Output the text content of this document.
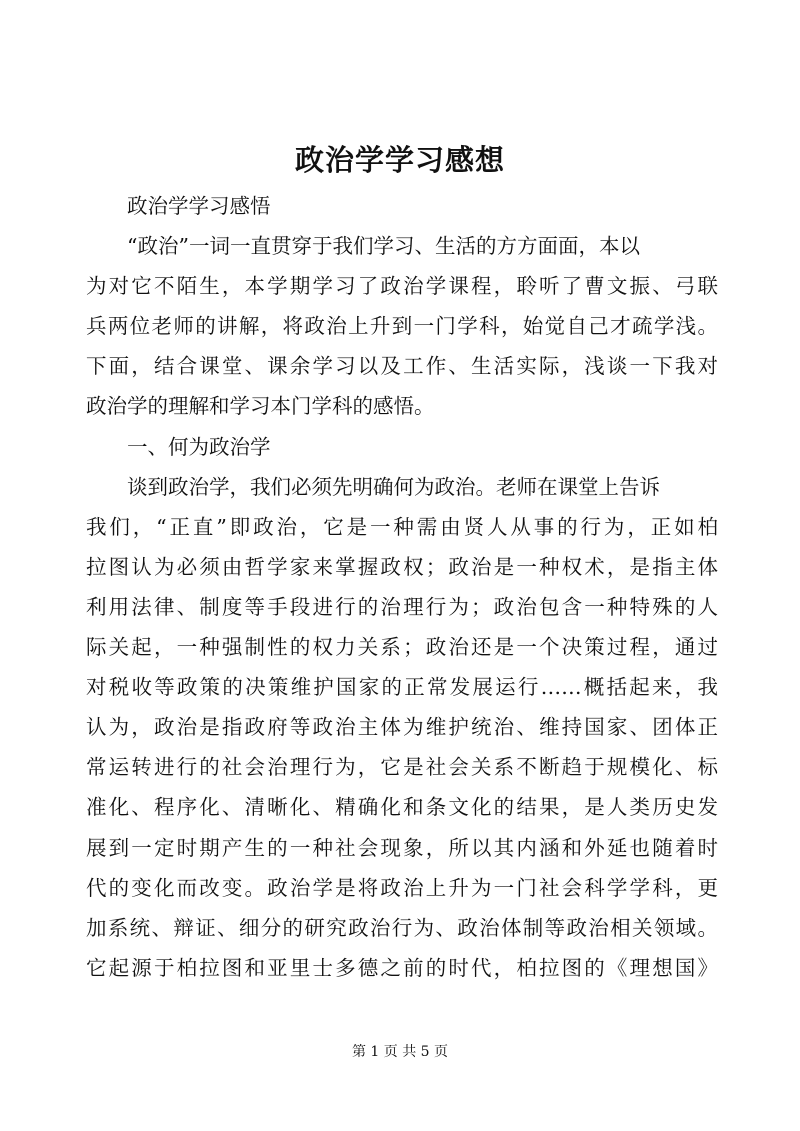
政治学学习感想
政治学学习感悟
“政治”一词一直贯穿于我们学习、生活的方方面面，本以
为对它不陌生，本学期学习了政治学课程，聆听了曹文振、弓联
兵两位老师的讲解，将政治上升到一门学科，始觉自己才疏学浅。
下面，结合课堂、课余学习以及工作、生活实际，浅谈一下我对
政治学的理解和学习本门学科的感悟。
一、何为政治学
谈到政治学，我们必须先明确何为政治。老师在课堂上告诉
我们，“正直”即政治，它是一种需由贤人从事的行为，正如柏
拉图认为必须由哲学家来掌握政权；政治是一种权术，是指主体
利用法律、制度等手段进行的治理行为；政治包含一种特殊的人
际关起，一种强制性的权力关系；政治还是一个决策过程，通过
对税收等政策的决策维护国家的正常发展运行……概括起来，我
认为，政治是指政府等政治主体为维护统治、维持国家、团体正
常运转进行的社会治理行为，它是社会关系不断趋于规模化、标
准化、程序化、清晰化、精确化和条文化的结果，是人类历史发
展到一定时期产生的一种社会现象，所以其内涵和外延也随着时
代的变化而改变。政治学是将政治上升为一门社会科学学科，更
加系统、辩证、细分的研究政治行为、政治体制等政治相关领域。
它起源于柏拉图和亚里士多德之前的时代，柏拉图的《理想国》
第 1 页 共 5 页
